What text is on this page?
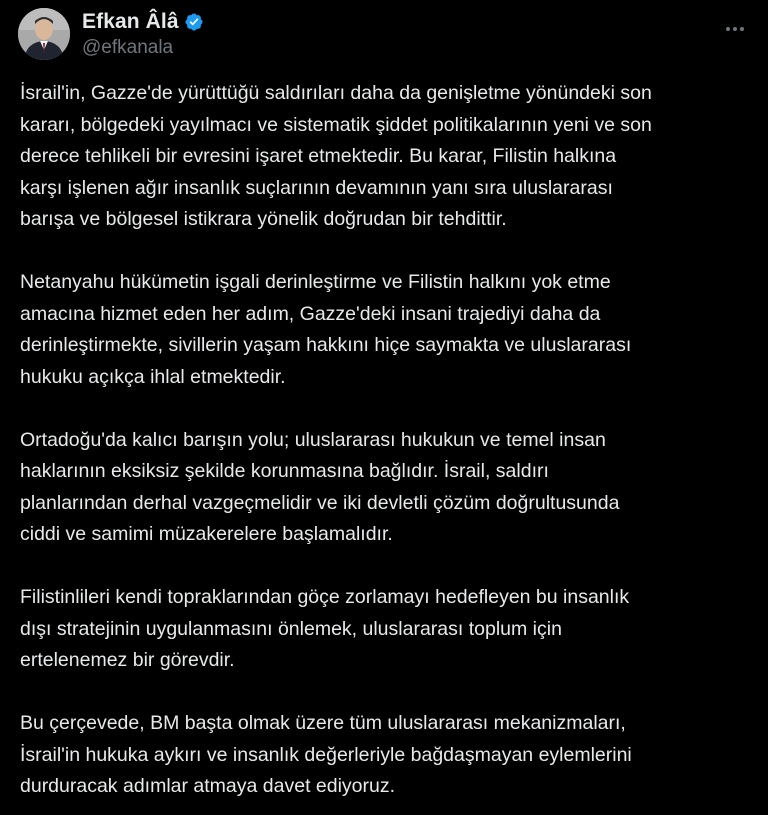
Efkan Âlâ
@efkanala

İsrail'in, Gazze'de yürüttüğü saldırıları daha da genişletme yönündeki son
kararı, bölgedeki yayılmacı ve sistematik şiddet politikalarının yeni ve son
derece tehlikeli bir evresini işaret etmektedir. Bu karar, Filistin halkına
karşı işlenen ağır insanlık suçlarının devamının yanı sıra uluslararası
barışa ve bölgesel istikrara yönelik doğrudan bir tehdittir.

Netanyahu hükümetin işgali derinleştirme ve Filistin halkını yok etme
amacına hizmet eden her adım, Gazze'deki insani trajediyi daha da
derinleştirmekte, sivillerin yaşam hakkını hiçe saymakta ve uluslararası
hukuku açıkça ihlal etmektedir.

Ortadoğu'da kalıcı barışın yolu; uluslararası hukukun ve temel insan
haklarının eksiksiz şekilde korunmasına bağlıdır. İsrail, saldırı
planlarından derhal vazgeçmelidir ve iki devletli çözüm doğrultusunda
ciddi ve samimi müzakerelere başlamalıdır.

Filistinlileri kendi topraklarından göçe zorlamayı hedefleyen bu insanlık
dışı stratejinin uygulanmasını önlemek, uluslararası toplum için
ertelenemez bir görevdir.

Bu çerçevede, BM başta olmak üzere tüm uluslararası mekanizmaları,
İsrail'in hukuka aykırı ve insanlık değerleriyle bağdaşmayan eylemlerini
durduracak adımlar atmaya davet ediyoruz.
